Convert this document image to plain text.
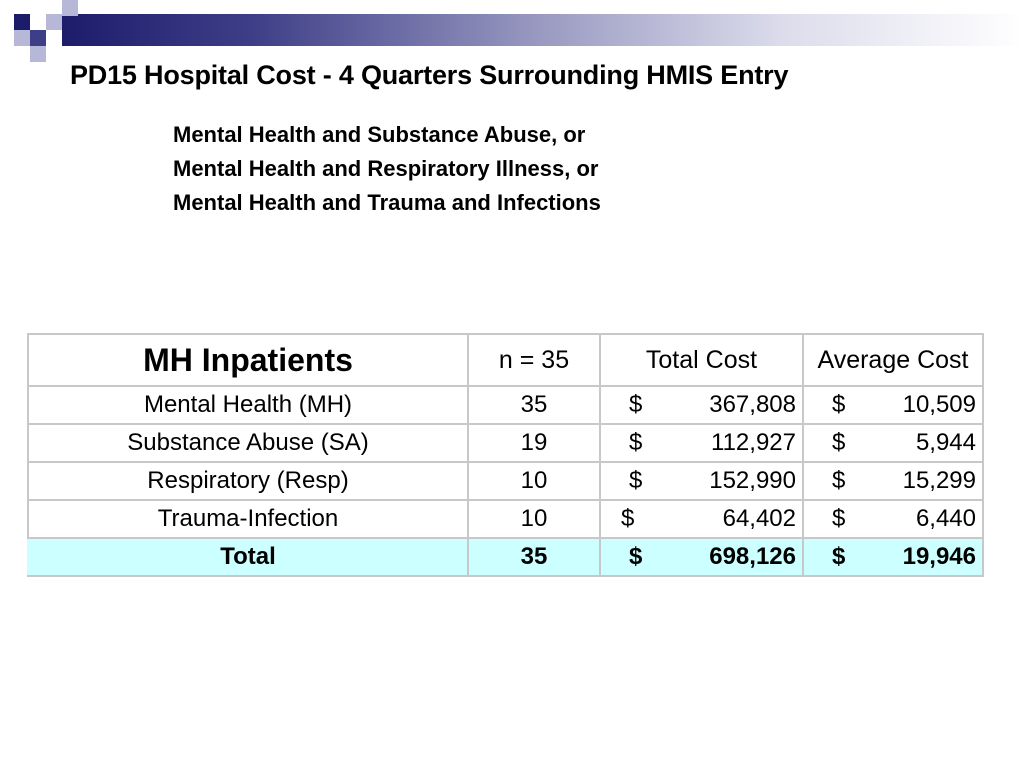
PD15 Hospital Cost - 4 Quarters Surrounding HMIS Entry
Mental Health and Substance Abuse, or
Mental Health and Respiratory Illness, or
Mental Health and Trauma and Infections
MH Inpatients	n = 35	Total Cost	Average Cost
Mental Health (MH)	35	$ 367,808	$ 10,509

Substance Abuse (SA)	19	$ 112,927	$ 5,944

Respiratory (Resp)	10	$ 152,990	$ 15,299

Trauma-Infection	10	$ 64,402	$ 6,440

Total	35	$ 698,126	$ 19,946
